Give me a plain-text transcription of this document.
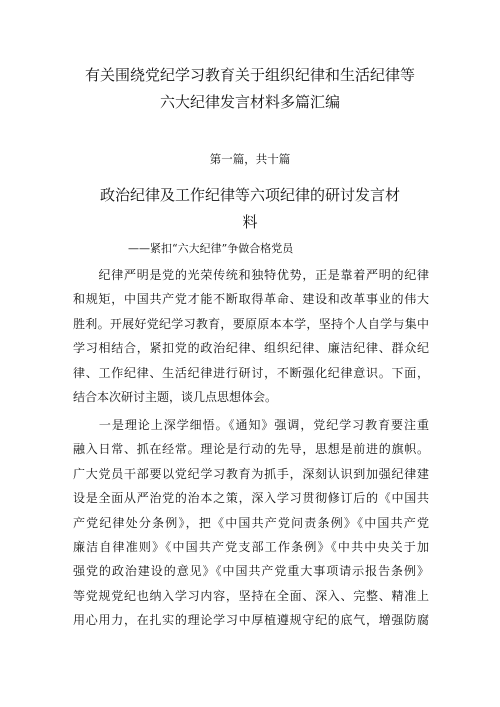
有关围绕党纪学习教育关于组织纪律和生活纪律等
六大纪律发言材料多篇汇编
第一篇，共十篇
政治纪律及工作纪律等六项纪律的研讨发言材
料
——紧扣“六大纪律”争做合格党员
　　纪律严明是党的光荣传统和独特优势，正是靠着严明的纪律
和规矩，中国共产党才能不断取得革命、建设和改革事业的伟大
胜利。开展好党纪学习教育，要原原本本学，坚持个人自学与集中
学习相结合，紧扣党的政治纪律、组织纪律、廉洁纪律、群众纪
律、工作纪律、生活纪律进行研讨，不断强化纪律意识。下面，
结合本次研讨主题，谈几点思想体会。
　　一是理论上深学细悟。《通知》强调，党纪学习教育要注重
融入日常、抓在经常。理论是行动的先导，思想是前进的旗帜。
广大党员干部要以党纪学习教育为抓手，深刻认识到加强纪律建
设是全面从严治党的治本之策，深入学习贯彻修订后的《中国共
产党纪律处分条例》，把《中国共产党问责条例》《中国共产党
廉洁自律准则》《中国共产党支部工作条例》《中共中央关于加
强党的政治建设的意见》《中国共产党重大事项请示报告条例》
等党规党纪也纳入学习内容，坚持在全面、深入、完整、精准上
用心用力，在扎实的理论学习中厚植遵规守纪的底气，增强防腐
